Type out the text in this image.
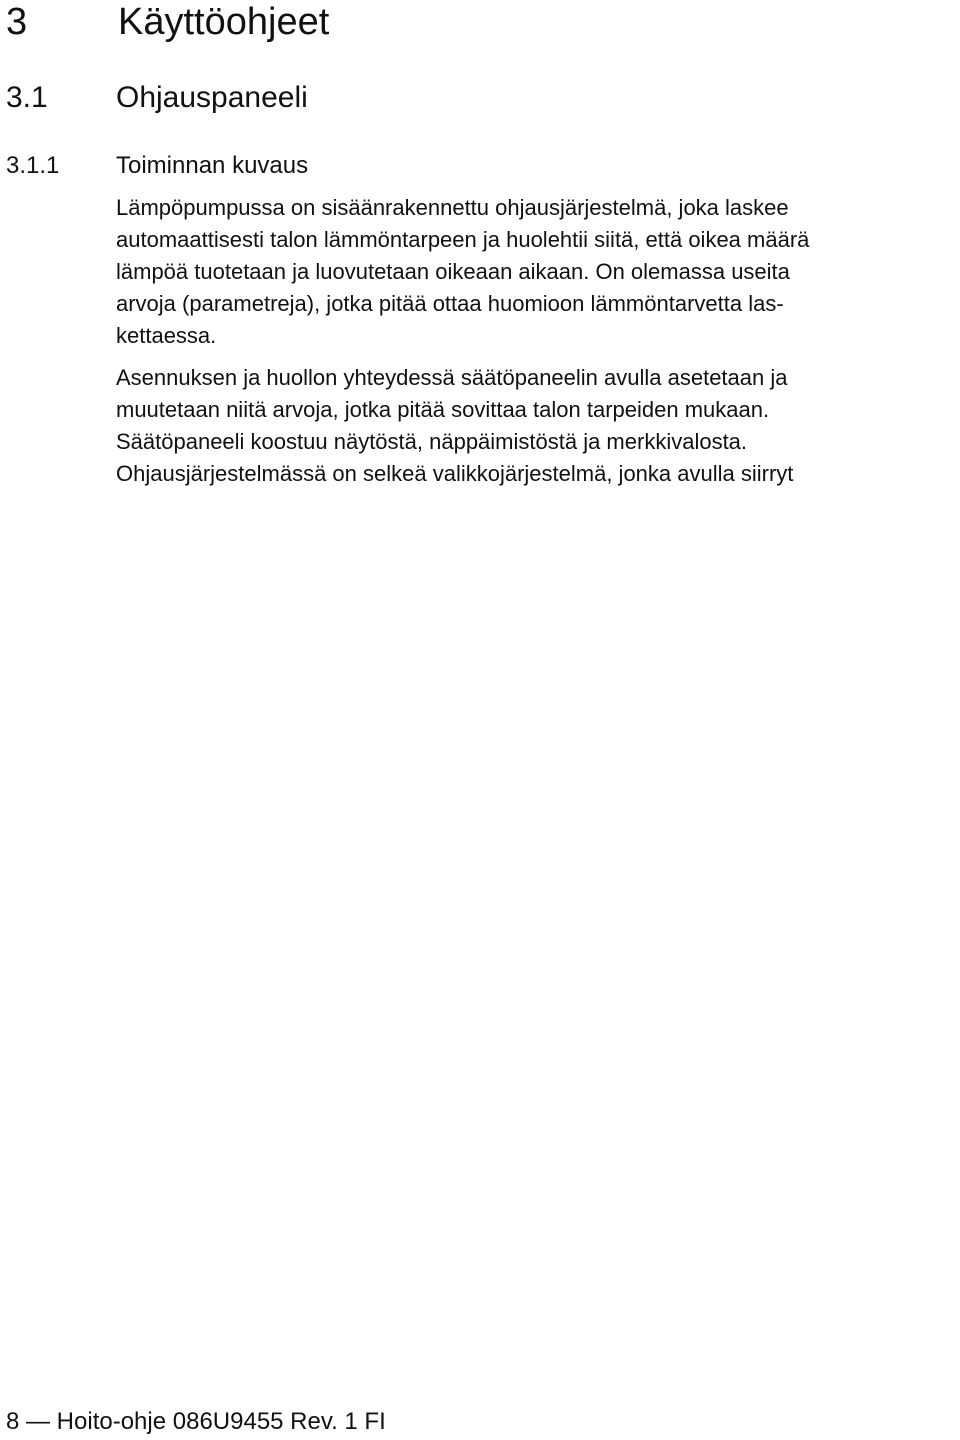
3 Käyttöohjeet
3.1 Ohjauspaneeli
3.1.1 Toiminnan kuvaus
Lämpöpumpussa on sisäänrakennettu ohjausjärjestelmä, joka laskee
automaattisesti talon lämmöntarpeen ja huolehtii siitä, että oikea määrä
lämpöä tuotetaan ja luovutetaan oikeaan aikaan. On olemassa useita
arvoja (parametreja), jotka pitää ottaa huomioon lämmöntarvetta las-
kettaessa.
Asennuksen ja huollon yhteydessä säätöpaneelin avulla asetetaan ja
muutetaan niitä arvoja, jotka pitää sovittaa talon tarpeiden mukaan.
Säätöpaneeli koostuu näytöstä, näppäimistöstä ja merkkivalosta.
Ohjausjärjestelmässä on selkeä valikkojärjestelmä, jonka avulla siirryt
8 — Hoito-ohje 086U9455 Rev. 1 FI
